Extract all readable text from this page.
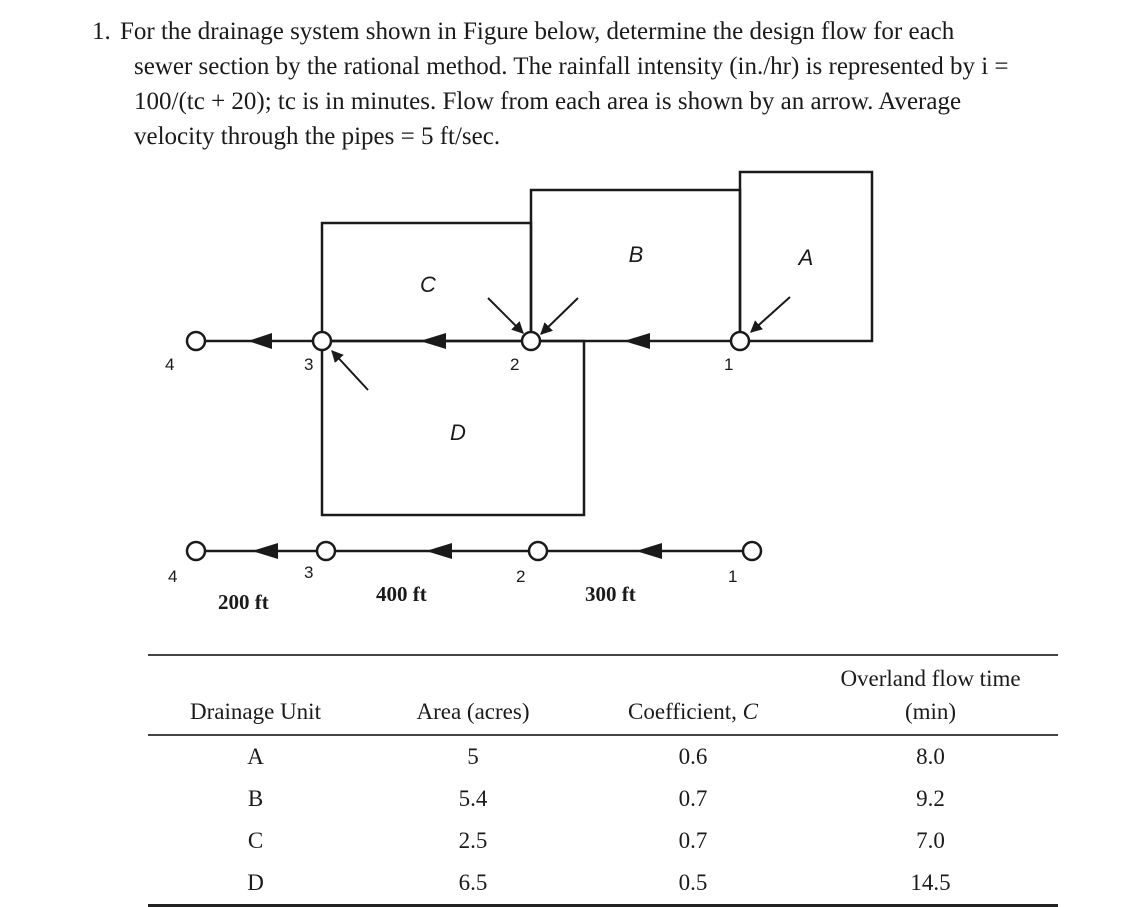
1. For the drainage system shown in Figure below, determine the design flow for each
sewer section by the rational method. The rainfall intensity (in./hr) is represented by i =
100/(tc + 20); tc is in minutes. Flow from each area is shown by an arrow. Average
velocity through the pipes = 5 ft/sec.
B	A
C
D
4	3	2	1
4	3	2	1
200 ft	400 ft	300 ft
Drainage Unit	Area (acres)	Coefficient, C	Overland flow time
(min)
A	5	0.6	8.0
B	5.4	0.7	9.2
C	2.5	0.7	7.0
D	6.5	0.5	14.5
